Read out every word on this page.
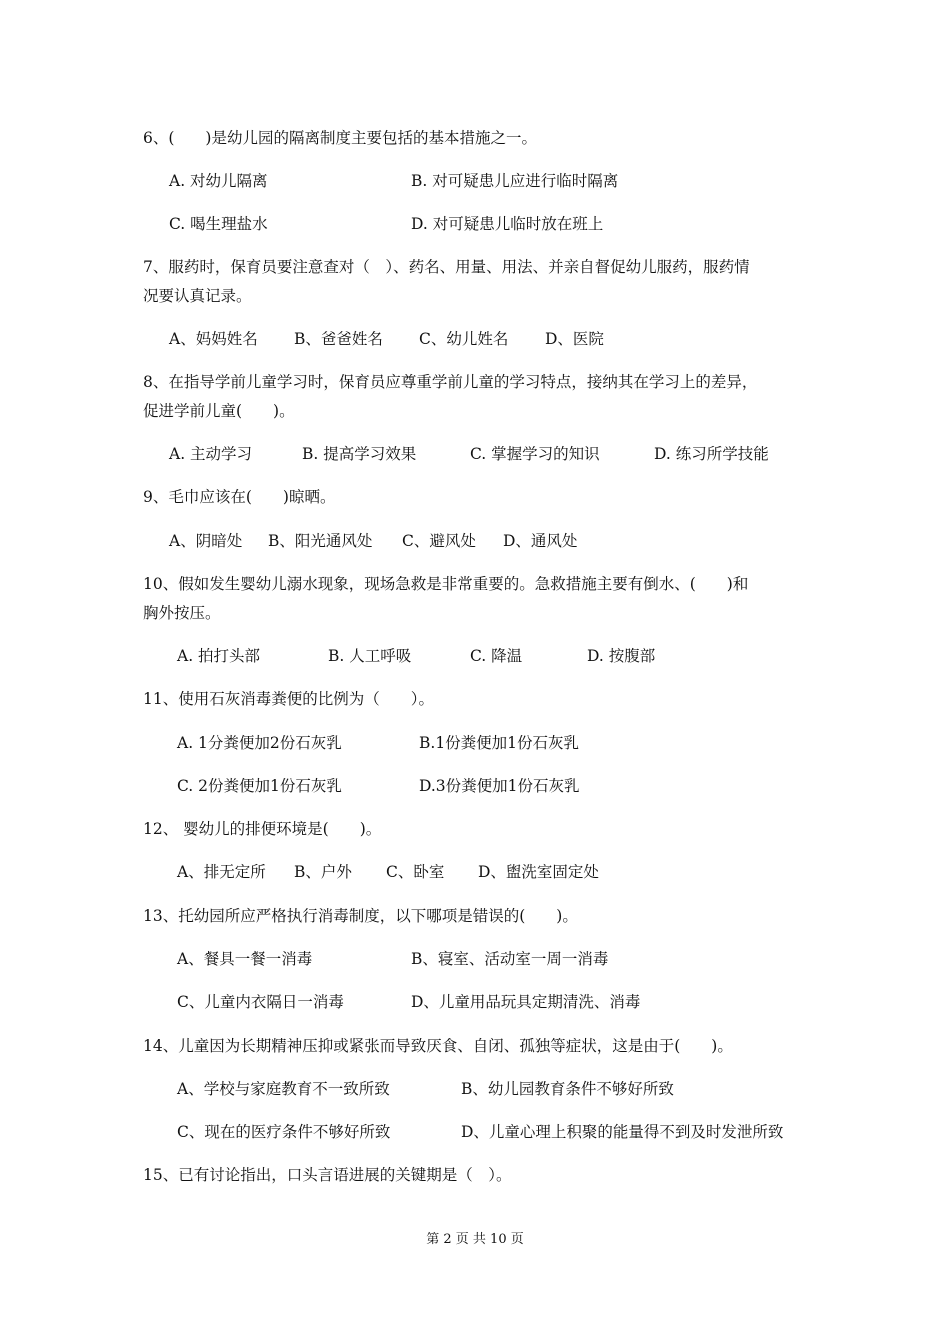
6、(　　)是幼儿园的隔离制度主要包括的基本措施之一。
A. 对幼儿隔离	B. 对可疑患儿应进行临时隔离
C. 喝生理盐水	D. 对可疑患儿临时放在班上
7、服药时，保育员要注意查对（　）、药名、用量、用法、并亲自督促幼儿服药，服药情
况要认真记录。
A、妈妈姓名 B、爸爸姓名 C、幼儿姓名 D、医院
8、在指导学前儿童学习时，保育员应尊重学前儿童的学习特点，接纳其在学习上的差异，
促进学前儿童(　　)。
A. 主动学习	B. 提高学习效果	C. 掌握学习的知识	D. 练习所学技能
9、毛巾应该在(　　)晾晒。
A、阴暗处 B、阳光通风处 C、避风处 D、通风处
10、假如发生婴幼儿溺水现象，现场急救是非常重要的。急救措施主要有倒水、(　　)和
胸外按压。
A. 拍打头部	B. 人工呼吸	C. 降温	D. 按腹部
11、使用石灰消毒粪便的比例为（　　）。
A. 1分粪便加2份石灰乳	B.1份粪便加1份石灰乳
C. 2份粪便加1份石灰乳	D.3份粪便加1份石灰乳
12、 婴幼儿的排便环境是(　　)。
A、排无定所 B、户外 C、卧室 D、盥洗室固定处
13、托幼园所应严格执行消毒制度，以下哪项是错误的(　　)。
A、餐具一餐一消毒	B、寝室、活动室一周一消毒
C、儿童内衣隔日一消毒	D、儿童用品玩具定期清洗、消毒
14、儿童因为长期精神压抑或紧张而导致厌食、自闭、孤独等症状，这是由于(　　)。
A、学校与家庭教育不一致所致	B、幼儿园教育条件不够好所致
C、现在的医疗条件不够好所致	D、儿童心理上积聚的能量得不到及时发泄所致
15、已有讨论指出，口头言语进展的关键期是（　）。
第 2 页 共 10 页
